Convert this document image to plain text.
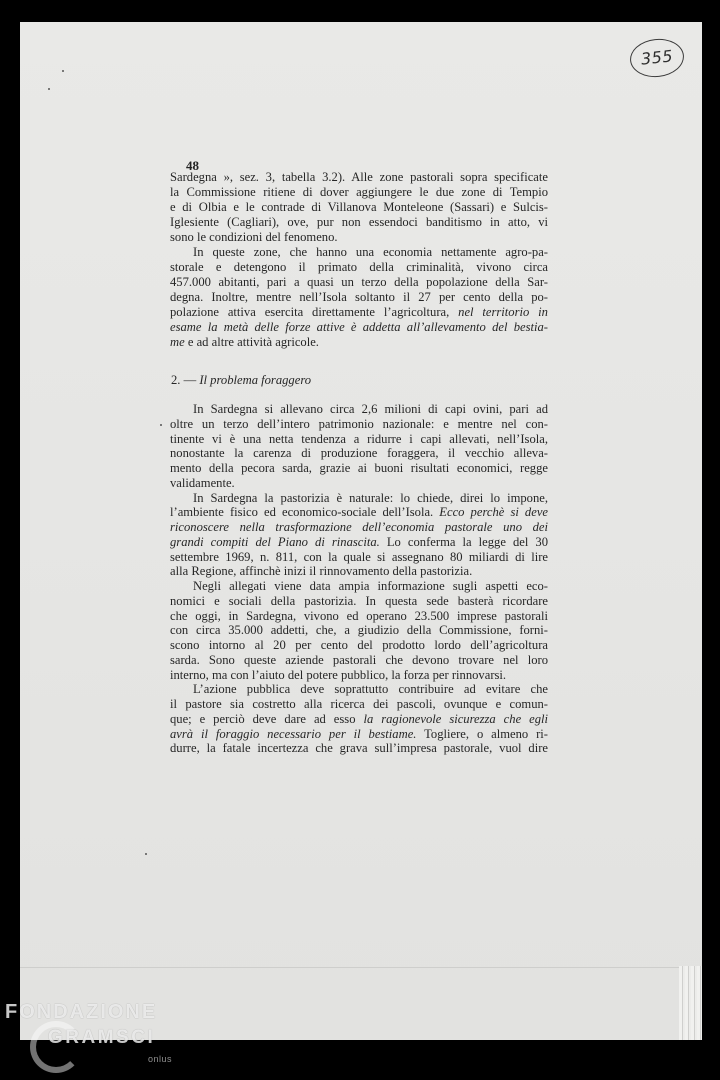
355
48
Sardegna », sez. 3, tabella 3.2). Alle zone pastorali sopra specificate
la Commissione ritiene di dover aggiungere le due zone di Tempio
e di Olbia e le contrade di Villanova Monteleone (Sassari) e Sulcis-
Iglesiente (Cagliari), ove, pur non essendoci banditismo in atto, vi
sono le condizioni del fenomeno.
In queste zone, che hanno una economia nettamente agro-pa-
storale e detengono il primato della criminalità, vivono circa
457.000 abitanti, pari a quasi un terzo della popolazione della Sar-
degna. Inoltre, mentre nell’Isola soltanto il 27 per cento della po-
polazione attiva esercita direttamente l’agricoltura, nel territorio in
esame la metà delle forze attive è addetta all’allevamento del bestia-
me e ad altre attività agricole.
2. — Il problema foraggero
In Sardegna si allevano circa 2,6 milioni di capi ovini, pari ad
oltre un terzo dell’intero patrimonio nazionale: e mentre nel con-
tinente vi è una netta tendenza a ridurre i capi allevati, nell’Isola,
nonostante la carenza di produzione foraggera, il vecchio alleva-
mento della pecora sarda, grazie ai buoni risultati economici, regge
validamente.
In Sardegna la pastorizia è naturale: lo chiede, direi lo impone,
l’ambiente fisico ed economico-sociale dell’Isola. Ecco perchè si deve
riconoscere nella trasformazione dell’economia pastorale uno dei
grandi compiti del Piano di rinascita. Lo conferma la legge del 30
settembre 1969, n. 811, con la quale si assegnano 80 miliardi di lire
alla Regione, affinchè inizi il rinnovamento della pastorizia.
Negli allegati viene data ampia informazione sugli aspetti eco-
nomici e sociali della pastorizia. In questa sede basterà ricordare
che oggi, in Sardegna, vivono ed operano 23.500 imprese pastorali
con circa 35.000 addetti, che, a giudizio della Commissione, forni-
scono intorno al 20 per cento del prodotto lordo dell’agricoltura
sarda. Sono queste aziende pastorali che devono trovare nel loro
interno, ma con l’aiuto del potere pubblico, la forza per rinnovarsi.
L’azione pubblica deve soprattutto contribuire ad evitare che
il pastore sia costretto alla ricerca dei pascoli, ovunque e comun-
que; e perciò deve dare ad esso la ragionevole sicurezza che egli
avrà il foraggio necessario per il bestiame. Togliere, o almeno ri-
durre, la fatale incertezza che grava sull’impresa pastorale, vuol dire
FONDAZIONE
GRAMSCI
onlus
